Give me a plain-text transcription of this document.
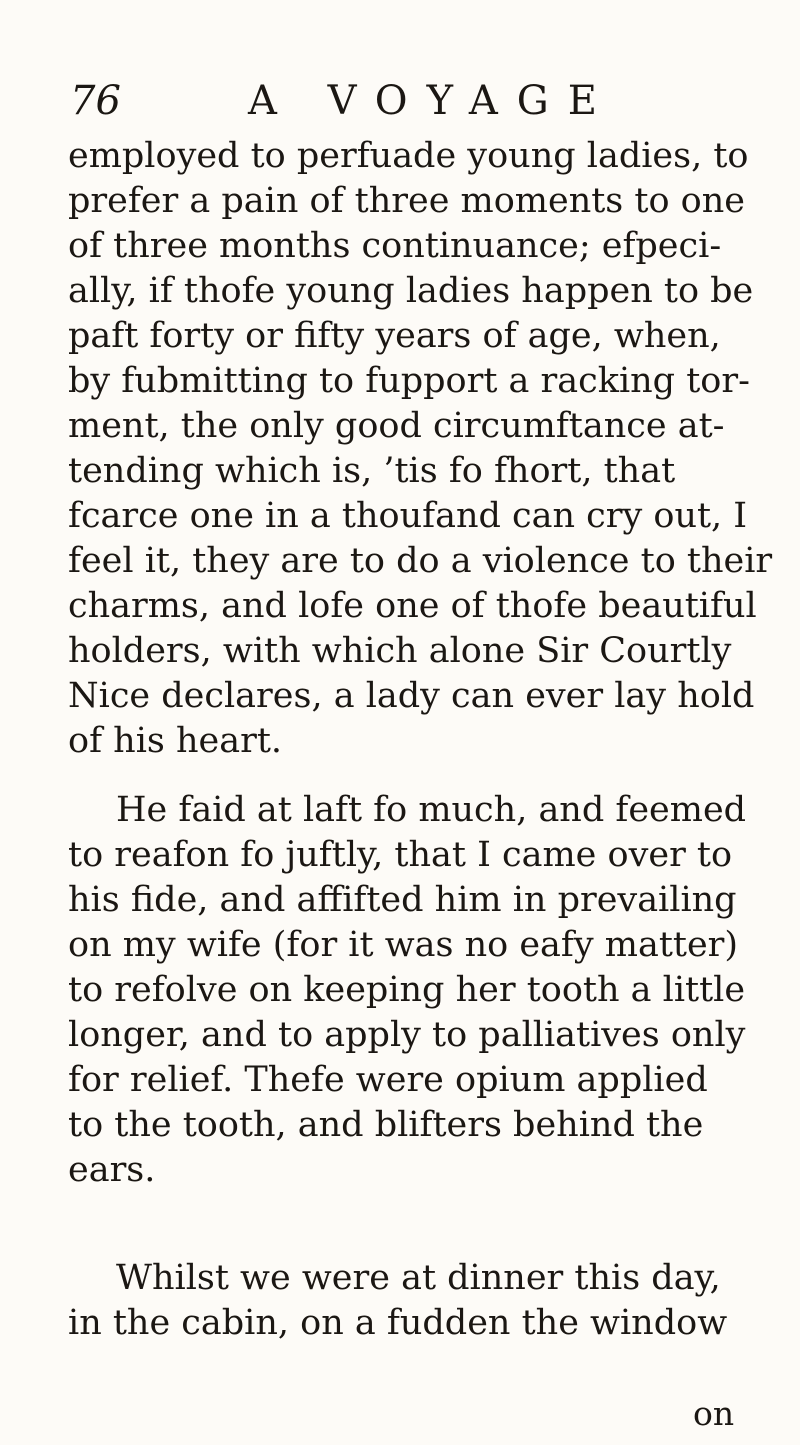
76	A VOYAGE

employed to perfuade young ladies, to

prefer a pain of three moments to one

of three months continuance; efpeci-

ally, if thofe young ladies happen to be

paft forty or fifty years of age, when,

by fubmitting to fupport a racking tor-

ment, the only good circumftance at-

tending which is, ’tis fo fhort, that

fcarce one in a thoufand can cry out, I

feel it, they are to do a violence to their

charms, and lofe one of thofe beautiful

holders, with which alone Sir Courtly

Nice declares, a lady can ever lay hold

of his heart.

He faid at laft fo much, and feemed

to reafon fo juftly, that I came over to

his fide, and affifted him in prevailing

on my wife (for it was no eafy matter)

to refolve on keeping her tooth a little

longer, and to apply to palliatives only

for relief. Thefe were opium applied

to the tooth, and blifters behind the

ears.

Whilst we were at dinner this day,

in the cabin, on a fudden the window

on
